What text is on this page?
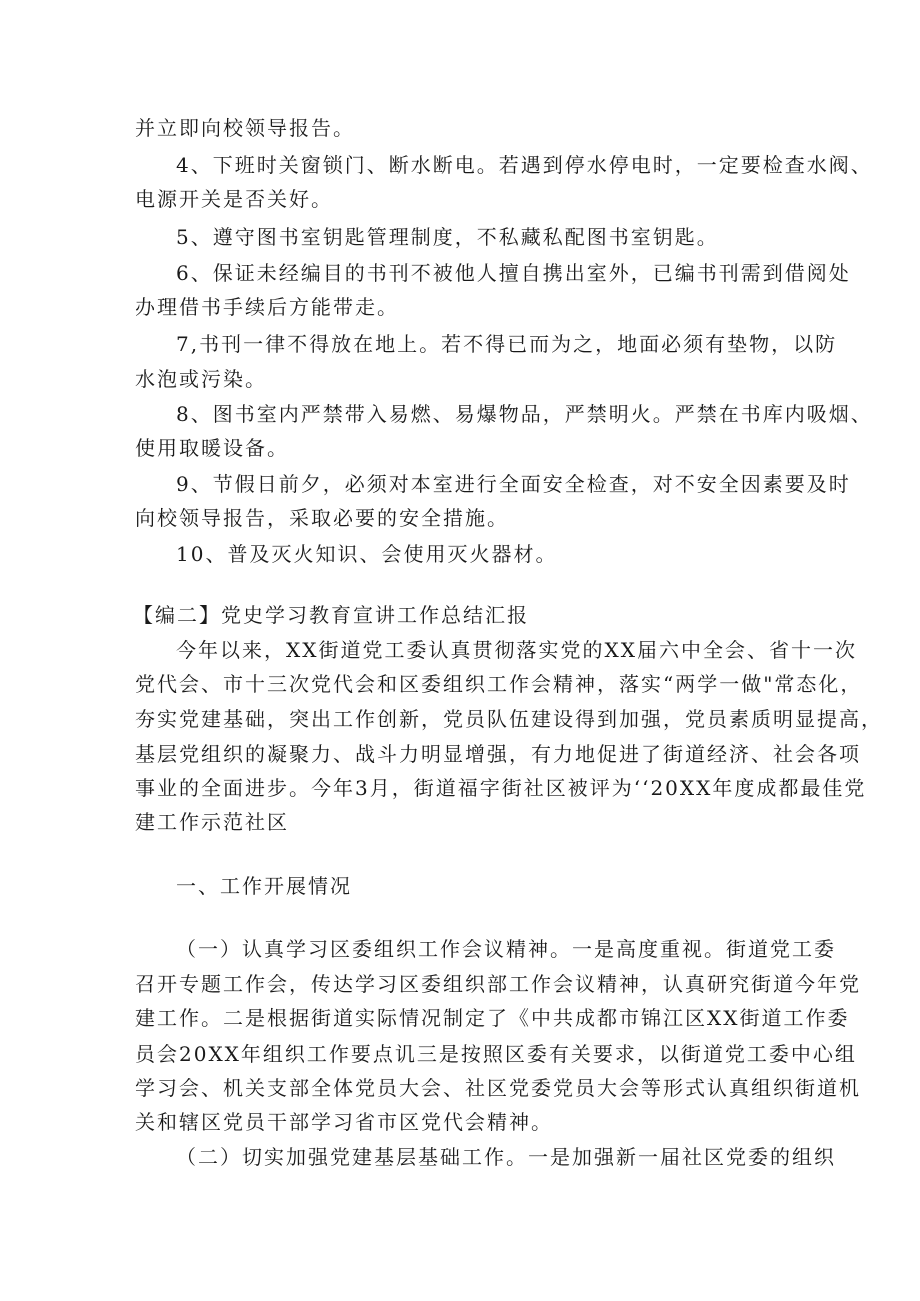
并立即向校领导报告。
4、下班时关窗锁门、断水断电。若遇到停水停电时，一定要检查水阀、
电源开关是否关好。
5、遵守图书室钥匙管理制度，不私藏私配图书室钥匙。
6、保证未经编目的书刊不被他人擅自携出室外，已编书刊需到借阅处
办理借书手续后方能带走。
7,书刊一律不得放在地上。若不得已而为之，地面必须有垫物，以防
水泡或污染。
8、图书室内严禁带入易燃、易爆物品，严禁明火。严禁在书库内吸烟、
使用取暖设备。
9、节假日前夕，必须对本室进行全面安全检查，对不安全因素要及时
向校领导报告，采取必要的安全措施。
10、普及灭火知识、会使用灭火器材。
【编二】党史学习教育宣讲工作总结汇报
今年以来，XX街道党工委认真贯彻落实党的XX届六中全会、省十一次
党代会、市十三次党代会和区委组织工作会精神，落实“两学一做"常态化，
夯实党建基础，突出工作创新，党员队伍建设得到加强，党员素质明显提高，
基层党组织的凝聚力、战斗力明显增强，有力地促进了街道经济、社会各项
事业的全面进步。今年3月，街道福字街社区被评为‘‘20XX年度成都最佳党
建工作示范社区
一、工作开展情况
（一）认真学习区委组织工作会议精神。一是高度重视。街道党工委
召开专题工作会，传达学习区委组织部工作会议精神，认真研究街道今年党
建工作。二是根据街道实际情况制定了《中共成都市锦江区XX街道工作委
员会20XX年组织工作要点讥三是按照区委有关要求，以街道党工委中心组
学习会、机关支部全体党员大会、社区党委党员大会等形式认真组织街道机
关和辖区党员干部学习省市区党代会精神。
（二）切实加强党建基层基础工作。一是加强新一届社区党委的组织
